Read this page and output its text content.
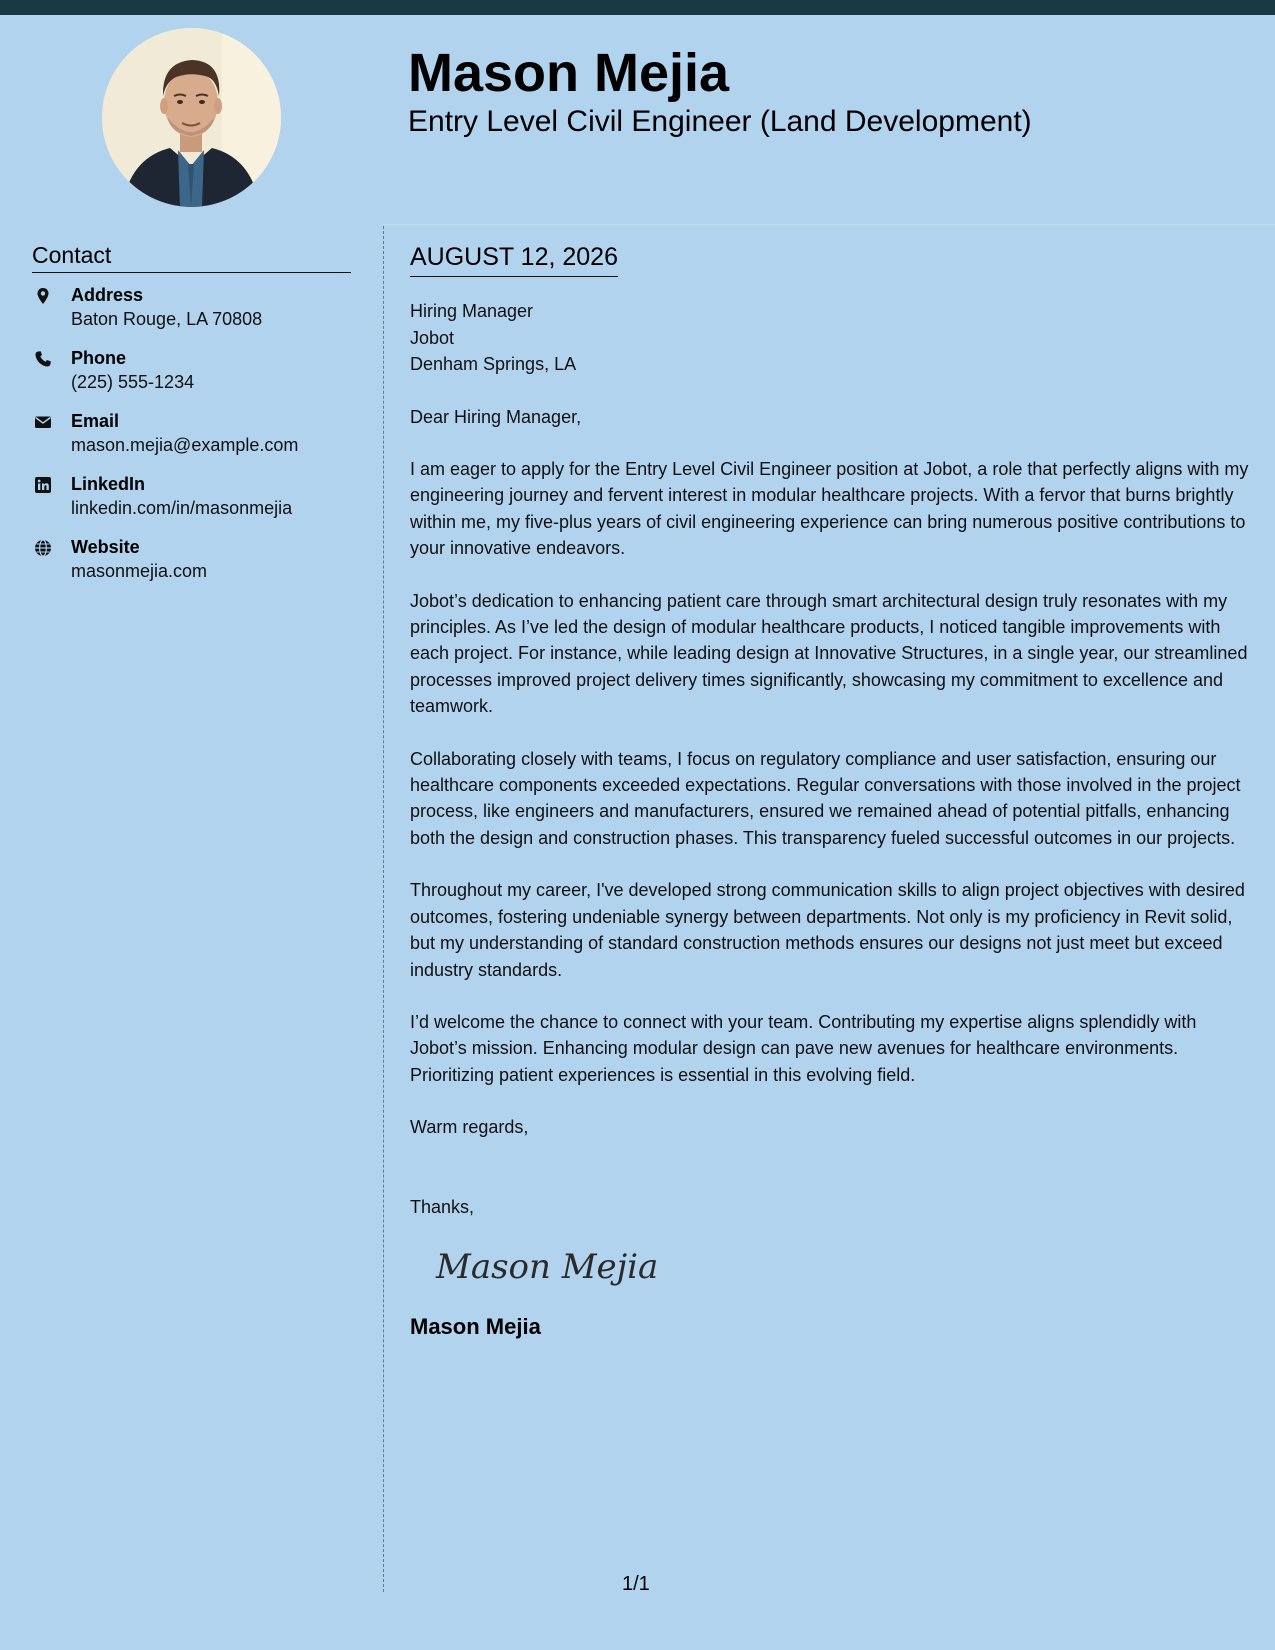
Mason Mejia
Entry Level Civil Engineer (Land Development)
Contact
Address
Baton Rouge, LA 70808
Phone
(225) 555-1234
Email
mason.mejia@example.com
LinkedIn
linkedin.com/in/masonmejia
Website
masonmejia.com
AUGUST 12, 2026
Hiring Manager
Jobot
Denham Springs, LA
Dear Hiring Manager,

I am eager to apply for the Entry Level Civil Engineer position at Jobot, a role that perfectly aligns with my engineering journey and fervent interest in modular healthcare projects. With a fervor that burns brightly within me, my five-plus years of civil engineering experience can bring numerous positive contributions to your innovative endeavors.

Jobot’s dedication to enhancing patient care through smart architectural design truly resonates with my principles. As I’ve led the design of modular healthcare products, I noticed tangible improvements with each project. For instance, while leading design at Innovative Structures, in a single year, our streamlined processes improved project delivery times significantly, showcasing my commitment to excellence and teamwork.

Collaborating closely with teams, I focus on regulatory compliance and user satisfaction, ensuring our healthcare components exceeded expectations. Regular conversations with those involved in the project process, like engineers and manufacturers, ensured we remained ahead of potential pitfalls, enhancing both the design and construction phases. This transparency fueled successful outcomes in our projects.

Throughout my career, I've developed strong communication skills to align project objectives with desired outcomes, fostering undeniable synergy between departments. Not only is my proficiency in Revit solid, but my understanding of standard construction methods ensures our designs not just meet but exceed industry standards.

I’d welcome the chance to connect with your team. Contributing my expertise aligns splendidly with Jobot’s mission. Enhancing modular design can pave new avenues for healthcare environments. Prioritizing patient experiences is essential in this evolving field.

Warm regards,
Thanks,
Mason Mejia
Mason Mejia
1/1
